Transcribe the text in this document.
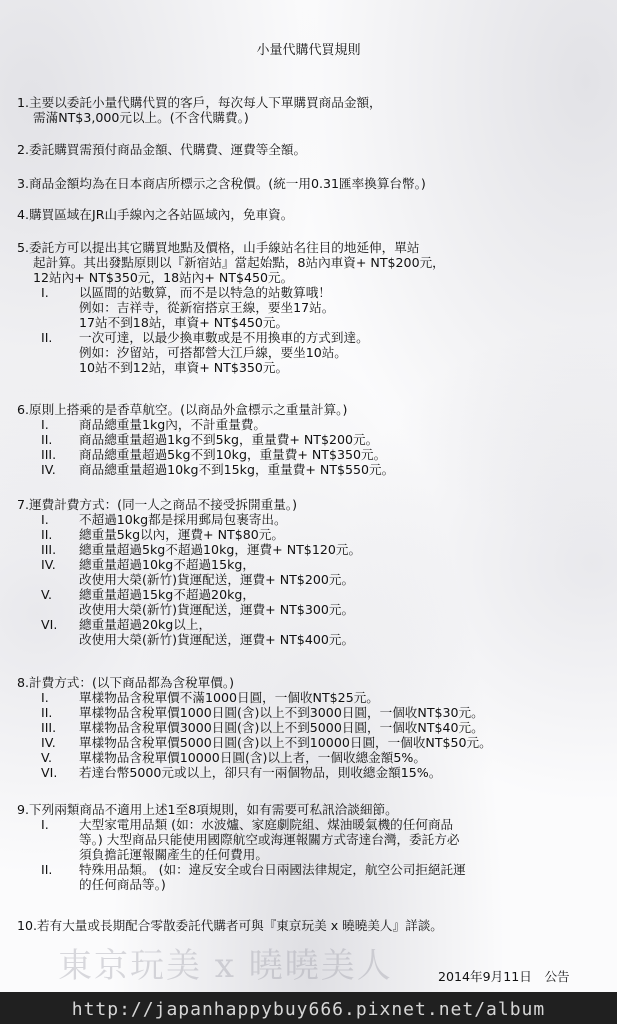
小量代購代買規則
1.主要以委託小量代購代買的客戶，每次每人下單購買商品金額，
需滿NT$3,000元以上。(不含代購費。)
2.委託購買需預付商品金額、代購費、運費等全額。
3.商品金額均為在日本商店所標示之含稅價。(統一用0.31匯率換算台幣。)
4.購買區域在JR山手線內之各站區域內，免車資。
5.委託方可以提出其它購買地點及價格，山手線站名往目的地延伸，單站
起計算。其出發點原則以『新宿站』當起始點，8站內車資+ NT$200元，
12站內+ NT$350元，18站內+ NT$450元。
I.	以區間的站數算，而不是以特急的站數算哦！
例如：吉祥寺，從新宿搭京王線，要坐17站。
17站不到18站，車資+ NT$450元。
II.	一次可達，以最少換車數或是不用換車的方式到達。
例如：汐留站，可搭都營大江戶線，要坐10站。
10站不到12站，車資+ NT$350元。
6.原則上搭乘的是香草航空。(以商品外盒標示之重量計算。)
I.	商品總重量1kg內，不計重量費。
II.	商品總重量超過1kg不到5kg，重量費+ NT$200元。
III.	商品總重量超過5kg不到10kg，重量費+ NT$350元。
IV.	商品總重量超過10kg不到15kg，重量費+ NT$550元。
7.運費計費方式：(同一人之商品不接受拆開重量。)
I.	不超過10kg都是採用郵局包裹寄出。
II.	總重量5kg以內，運費+ NT$80元。
III.	總重量超過5kg不超過10kg，運費+ NT$120元。
IV.	總重量超過10kg不超過15kg，
改使用大榮(新竹)貨運配送，運費+ NT$200元。
V.	總重量超過15kg不超過20kg，
改使用大榮(新竹)貨運配送，運費+ NT$300元。
VI.	總重量超過20kg以上，
改使用大榮(新竹)貨運配送，運費+ NT$400元。
8.計費方式：(以下商品都為含稅單價。)
I.	單樣物品含稅單價不滿1000日圓，一個收NT$25元。
II.	單樣物品含稅單價1000日圓(含)以上不到3000日圓，一個收NT$30元。
III.	單樣物品含稅單價3000日圓(含)以上不到5000日圓，一個收NT$40元。
IV.	單樣物品含稅單價5000日圓(含)以上不到10000日圓，一個收NT$50元。
V.	單樣物品含稅單價10000日圓(含)以上者，一個收總金額5%。
VI.	若達台幣5000元或以上，卻只有一兩個物品，則收總金額15%。
9.下列兩類商品不適用上述1至8項規則，如有需要可私訊洽談細節。
I.	大型家電用品類 (如：水波爐、家庭劇院組、煤油暖氣機的任何商品
等。) 大型商品只能使用國際航空或海運報關方式寄達台灣，委託方必
須負擔託運報關產生的任何費用。
II.	特殊用品類。 (如：違反安全或台日兩國法律規定，航空公司拒絕託運
的任何商品等。)
10.若有大量或長期配合零散委託代購者可與『東京玩美 x 曉曉美人』詳談。
東京玩美 x 曉曉美人	2014年9月11日　公告
http://japanhappybuy666.pixnet.net/album
